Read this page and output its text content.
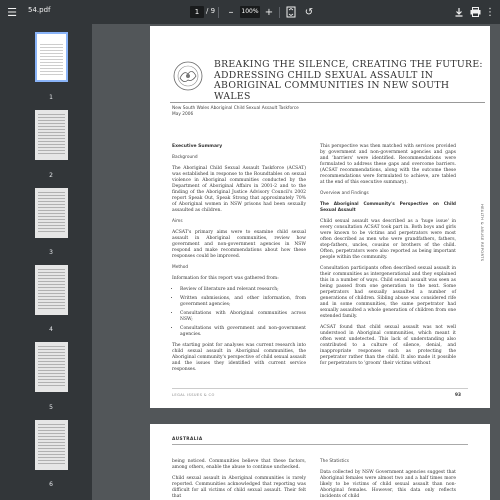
☰	54.pdf	1 / 9	–	100% +	↺	⋮
1
2
3
4
5
6
BREAKING THE SILENCE, CREATING THE FUTURE: ADDRESSING CHILD SEXUAL ASSAULT IN ABORIGINAL COMMUNITIES IN NEW SOUTH WALES
New South Wales Aboriginal Child Sexual Assault Taskforce
May 2006
Executive Summary
Background
The Aboriginal Child Sexual Assault Taskforce (ACSAT) was established in response to the Roundtables on sexual violence in Aboriginal communities conducted by the Department of Aboriginal Affairs in 2001-2 and to the finding of the Aboriginal Justice Advisory Council's 2002 report Speak Out, Speak Strong that approximately 70% of Aboriginal women in NSW prisons had been sexually assaulted as children.
Aims
ACSAT's primary aims were to examine child sexual assault in Aboriginal communities, review how government and non-government agencies in NSW respond and make recommendations about how these responses could be improved.
Method
Information for this report was gathered from:
• Review of literature and relevant research;
• Written submissions, and other information, from government agencies;
• Consultations with Aboriginal communities across NSW;
• Consultations with government and non-government agencies.
The starting point for analyses was current research into child sexual assault in Aboriginal communities, the Aboriginal community's perspective of child sexual assault and the issues they identified with current service responses.
This perspective was then matched with services provided by government and non-government agencies and gaps and 'barriers' were identified. Recommendations were formulated to address these gaps and overcome barriers. (ACSAT recommendations, along with the outcome these recommendations were formulated to achieve, are tabled at the end of this executive summary).
Overview and Findings
The Aboriginal Community's Perspective on Child Sexual Assault
Child sexual assault was described as a 'huge issue' in every consultation ACSAT took part in. Both boys and girls were known to be victims and perpetrators were most often described as men who were grandfathers, fathers, step-fathers, uncles, cousins or brothers of the child. Often, perpetrators were also reported as being important people within the community.
Consultation participants often described sexual assault in their communities as intergenerational and they explained this in a number of ways. Child sexual assault was seen as being passed from one generation to the next. Some perpetrators had sexually assaulted a number of generations of children. Sibling abuse was considered rife and in some communities, the same perpetrator had sexually assaulted a whole generation of children from one extended family.
ACSAT found that child sexual assault was not well understood in Aboriginal communities, which meant it often went undetected. This lack of understanding also contributed to a culture of silence, denial, and inappropriate responses such as protecting the perpetrator rather than the child. It also made it possible for perpetrators to 'groom' their victims without
HEALTH & ABUSE REPORTS
LEGAL ISSUES & CO	93
AUSTRALIA
being noticed. Communities believe that these factors, among others, enable the abuse to continue unchecked.
Child sexual assault in Aboriginal communities is rarely reported. Communities acknowledged that reporting was difficult for all victims of child sexual assault. Their felt that
The Statistics
Data collected by NSW Government agencies suggest that Aboriginal females were almost two and a half times more likely to be victims of child sexual assault than non-Aboriginal females. However, this data only reflects incidents of child
